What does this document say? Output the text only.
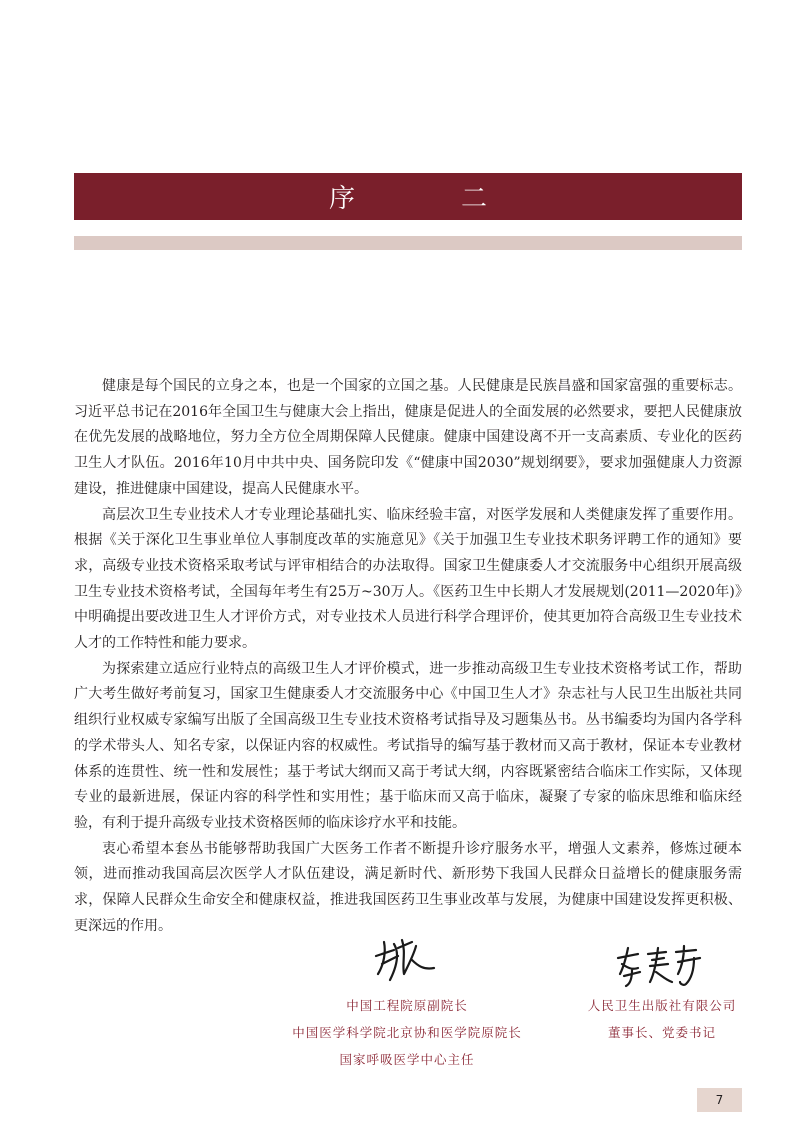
序　二

健康是每个国民的立身之本，也是一个国家的立国之基。人民健康是民族昌盛和国家富强的重要标志。习近平总书记在2016年全国卫生与健康大会上指出，健康是促进人的全面发展的必然要求，要把人民健康放在优先发展的战略地位，努力全方位全周期保障人民健康。健康中国建设离不开一支高素质、专业化的医药卫生人才队伍。2016年10月中共中央、国务院印发《“健康中国2030”规划纲要》，要求加强健康人力资源建设，推进健康中国建设，提高人民健康水平。

高层次卫生专业技术人才专业理论基础扎实、临床经验丰富，对医学发展和人类健康发挥了重要作用。根据《关于深化卫生事业单位人事制度改革的实施意见》《关于加强卫生专业技术职务评聘工作的通知》要求，高级专业技术资格采取考试与评审相结合的办法取得。国家卫生健康委人才交流服务中心组织开展高级卫生专业技术资格考试，全国每年考生有25万~30万人。《医药卫生中长期人才发展规划(2011—2020年)》中明确提出要改进卫生人才评价方式，对专业技术人员进行科学合理评价，使其更加符合高级卫生专业技术人才的工作特性和能力要求。

为探索建立适应行业特点的高级卫生人才评价模式，进一步推动高级卫生专业技术资格考试工作，帮助广大考生做好考前复习，国家卫生健康委人才交流服务中心《中国卫生人才》杂志社与人民卫生出版社共同组织行业权威专家编写出版了全国高级卫生专业技术资格考试指导及习题集丛书。丛书编委均为国内各学科的学术带头人、知名专家，以保证内容的权威性。考试指导的编写基于教材而又高于教材，保证本专业教材体系的连贯性、统一性和发展性；基于考试大纲而又高于考试大纲，内容既紧密结合临床工作实际，又体现专业的最新进展，保证内容的科学性和实用性；基于临床而又高于临床，凝聚了专家的临床思维和临床经验，有利于提升高级专业技术资格医师的临床诊疗水平和技能。

衷心希望本套丛书能够帮助我国广大医务工作者不断提升诊疗服务水平，增强人文素养，修炼过硬本领，进而推动我国高层次医学人才队伍建设，满足新时代、新形势下我国人民群众日益增长的健康服务需求，保障人民群众生命安全和健康权益，推进我国医药卫生事业改革与发展，为健康中国建设发挥更积极、更深远的作用。

中国工程院原副院长
中国医学科学院北京协和医学院原院长
国家呼吸医学中心主任
人民卫生出版社有限公司
董事长、党委书记
7
